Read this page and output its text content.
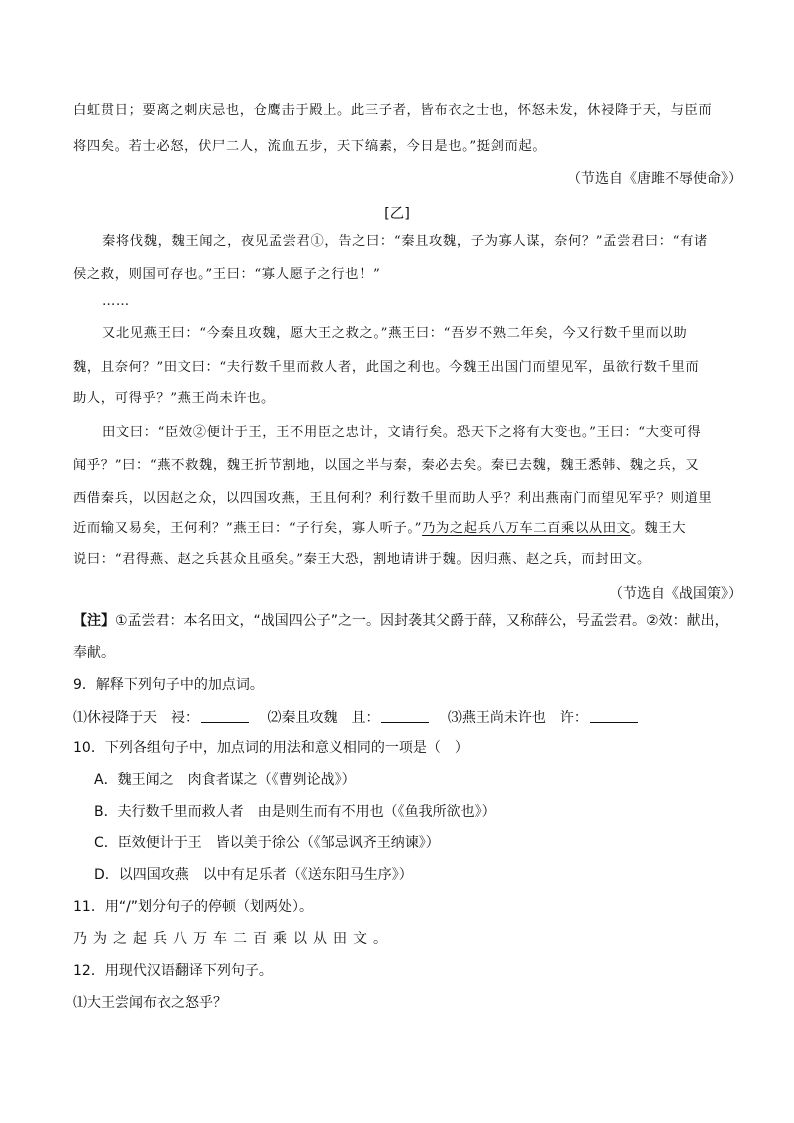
白虹贯日；要离之刺庆忌也，仓鹰击于殿上。此三子者，皆布衣之士也，怀怒未发，休祲降于天，与臣而
将四矣。若士必怒，伏尸二人，流血五步，天下缟素，今日是也。”挺剑而起。
（节选自《唐雎不辱使命》）
[乙]
秦将伐魏，魏王闻之，夜见孟尝君①，告之曰：“秦且攻魏，子为寡人谋，奈何？”孟尝君曰：“有诸
侯之救，则国可存也。”王曰：“寡人愿子之行也！”
……
又北见燕王曰：“今秦且攻魏，愿大王之救之。”燕王曰：“吾岁不熟二年矣，今又行数千里而以助
魏，且奈何？”田文曰：“夫行数千里而救人者，此国之利也。今魏王出国门而望见军，虽欲行数千里而
助人，可得乎？”燕王尚未许也。
田文曰：“臣效②便计于王，王不用臣之忠计，文请行矣。恐天下之将有大变也。”王曰：“大变可得
闻乎？”曰：“燕不救魏，魏王折节割地，以国之半与秦，秦必去矣。秦已去魏，魏王悉韩、魏之兵，又
西借秦兵，以因赵之众，以四国攻燕，王且何利？利行数千里而助人乎？利出燕南门而望见军乎？则道里
近而输又易矣，王何利？”燕王曰：“子行矣，寡人听子。”乃为之起兵八万车二百乘以从田文。魏王大
说曰：“君得燕、赵之兵甚众且亟矣。”秦王大恐，割地请讲于魏。因归燕、赵之兵，而封田文。
（节选自《战国策》）
【注】①孟尝君：本名田文，“战国四公子”之一。因封袭其父爵于薛，又称薛公，号孟尝君。②效：献出，
奉献。
9．解释下列句子中的加点词。
⑴休祲降于天　祲：	⑵秦且攻魏　且：	⑶燕王尚未许也　许：
10．下列各组句子中，加点词的用法和意义相同的一项是（　）
A．魏王闻之　肉食者谋之（《曹刿论战》）
B．夫行数千里而救人者　由是则生而有不用也（《鱼我所欲也》）
C．臣效便计于王　皆以美于徐公（《邹忌讽齐王纳谏》）
D．以四国攻燕　以中有足乐者（《送东阳马生序》）
11．用“/”划分句子的停顿（划两处）。
乃为之起兵八万车二百乘以从田文。
12．用现代汉语翻译下列句子。
⑴大王尝闻布衣之怒乎？
